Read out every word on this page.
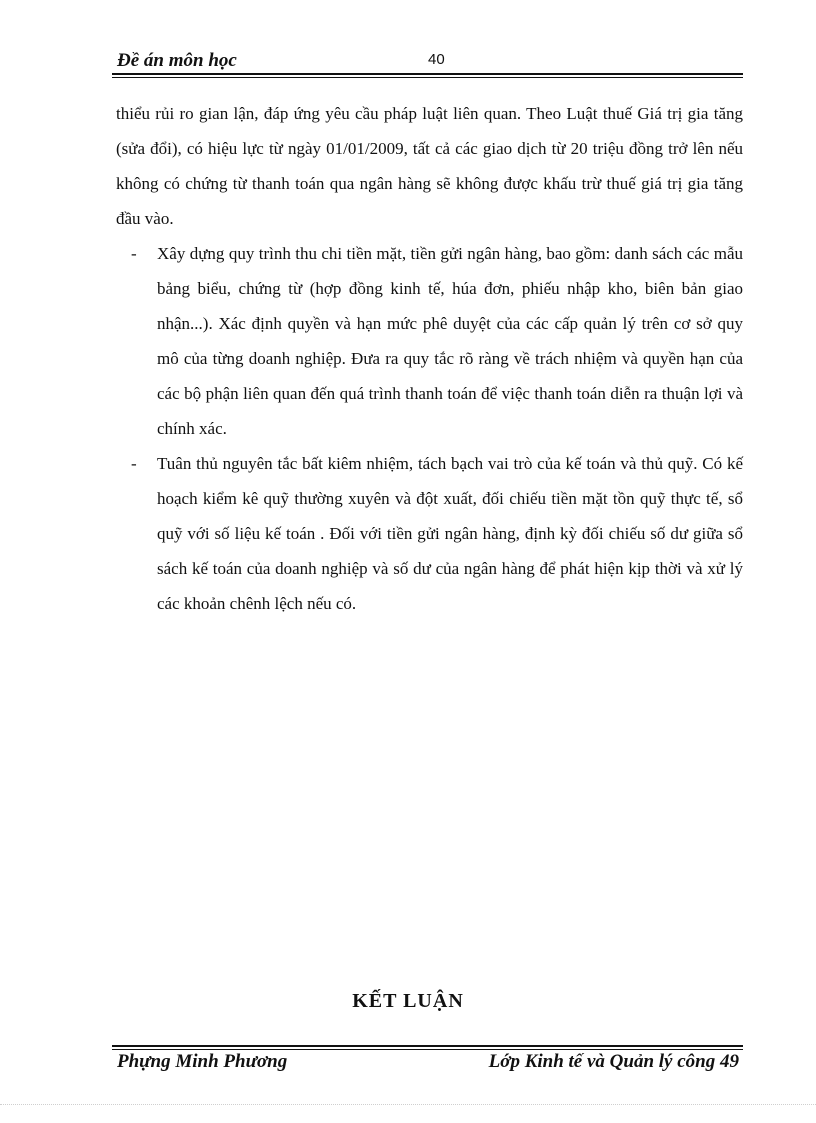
Đề án môn học	40

thiểu rủi ro gian lận, đáp ứng yêu cầu pháp luật liên quan. Theo Luật thuế Giá trị gia tăng (sửa đổi), có hiệu lực từ ngày 01/01/2009, tất cả các giao dịch từ 20 triệu đồng trở lên nếu không có chứng từ thanh toán qua ngân hàng sẽ không được khấu trừ thuế giá trị gia tăng đầu vào.

- Xây dựng quy trình thu chi tiền mặt, tiền gửi ngân hàng, bao gồm: danh sách các mẫu bảng biểu, chứng từ (hợp đồng kinh tế, húa đơn, phiếu nhập kho, biên bản giao nhận...). Xác định quyền và hạn mức phê duyệt của các cấp quản lý trên cơ sở quy mô của từng doanh nghiệp. Đưa ra quy tắc rõ ràng về trách nhiệm và quyền hạn của các bộ phận liên quan đến quá trình thanh toán để việc thanh toán diễn ra thuận lợi và chính xác.

- Tuân thủ nguyên tắc bất kiêm nhiệm, tách bạch vai trò của kế toán và thủ quỹ. Có kế hoạch kiểm kê quỹ thường xuyên và đột xuất, đối chiếu tiền mặt tồn quỹ thực tế, sổ quỹ với số liệu kế toán . Đối với tiền gửi ngân hàng, định kỳ đối chiếu số dư giữa sổ sách kế toán của doanh nghiệp và số dư của ngân hàng để phát hiện kịp thời và xử lý các khoản chênh lệch nếu có.

KẾT LUẬN
Phựng Minh Phương	Lớp Kinh tế và Quản lý công 49
